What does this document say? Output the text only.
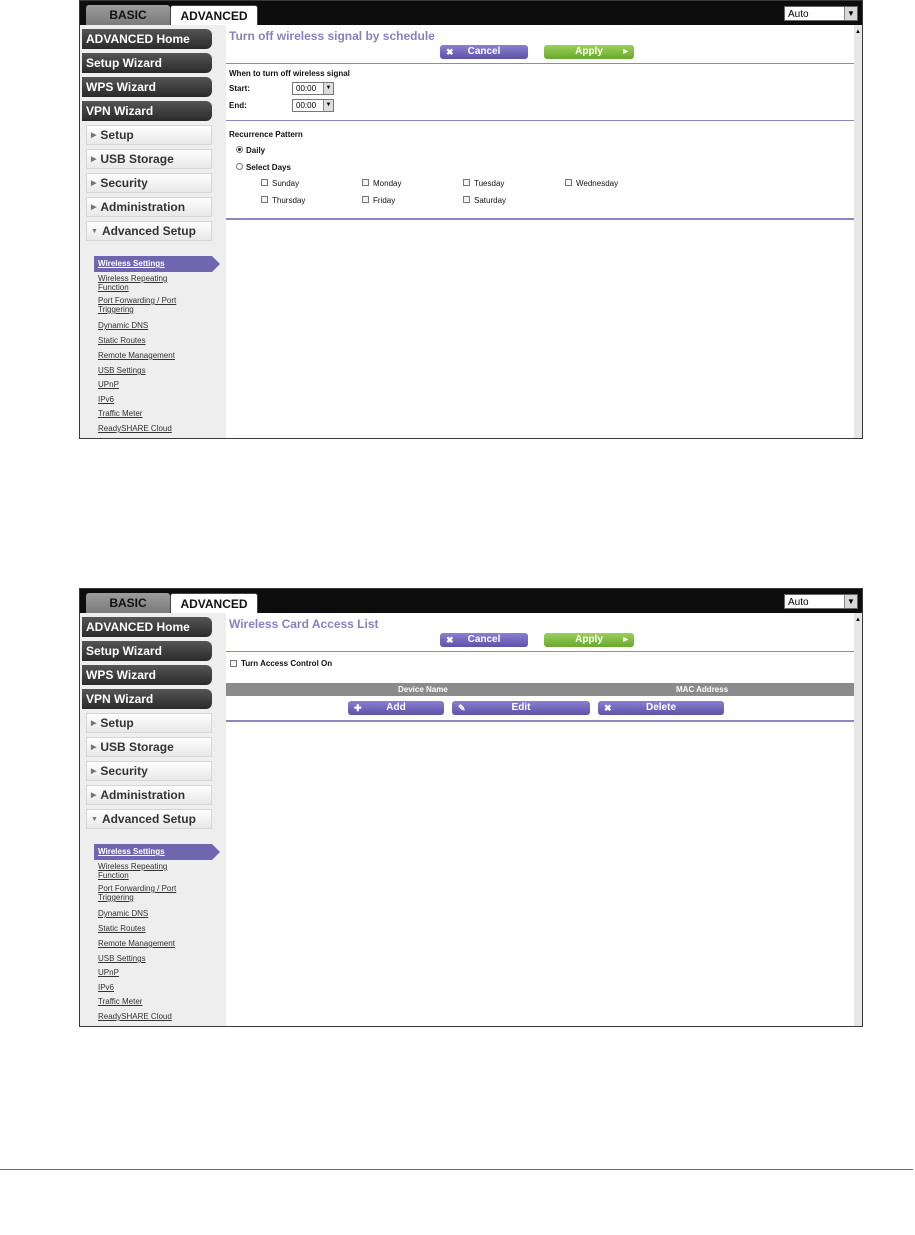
BASIC	ADVANCED	Auto	▼
ADVANCED Home
Setup Wizard
WPS Wizard
VPN Wizard
▶ Setup
▶ USB Storage
▶ Security
▶ Administration
▼ Advanced Setup
Wireless Settings
Wireless Repeating
Function
Port Forwarding / Port
Triggering
Dynamic DNS
Static Routes
Remote Management
USB Settings
UPnP
IPv6
Traffic Meter
ReadySHARE Cloud
Turn off wireless signal by schedule
✖ Cancel	Apply	▶
When to turn off wireless signal
Start:	00:00	▼
End:	00:00	▼
Recurrence Pattern
Daily
Select Days
Sunday	Monday	Tuesday	Wednesday
Thursday	Friday	Saturday
▲
BASIC	ADVANCED	Auto	▼
ADVANCED Home
Setup Wizard
WPS Wizard
VPN Wizard
▶ Setup
▶ USB Storage
▶ Security
▶ Administration
▼ Advanced Setup
Wireless Settings
Wireless Repeating
Function
Port Forwarding / Port
Triggering
Dynamic DNS
Static Routes
Remote Management
USB Settings
UPnP
IPv6
Traffic Meter
ReadySHARE Cloud
Wireless Card Access List
✖ Cancel	Apply	▶
Turn Access Control On
Device Name	MAC Address
✚ Add	✎	Edit	✖	Delete
▲
